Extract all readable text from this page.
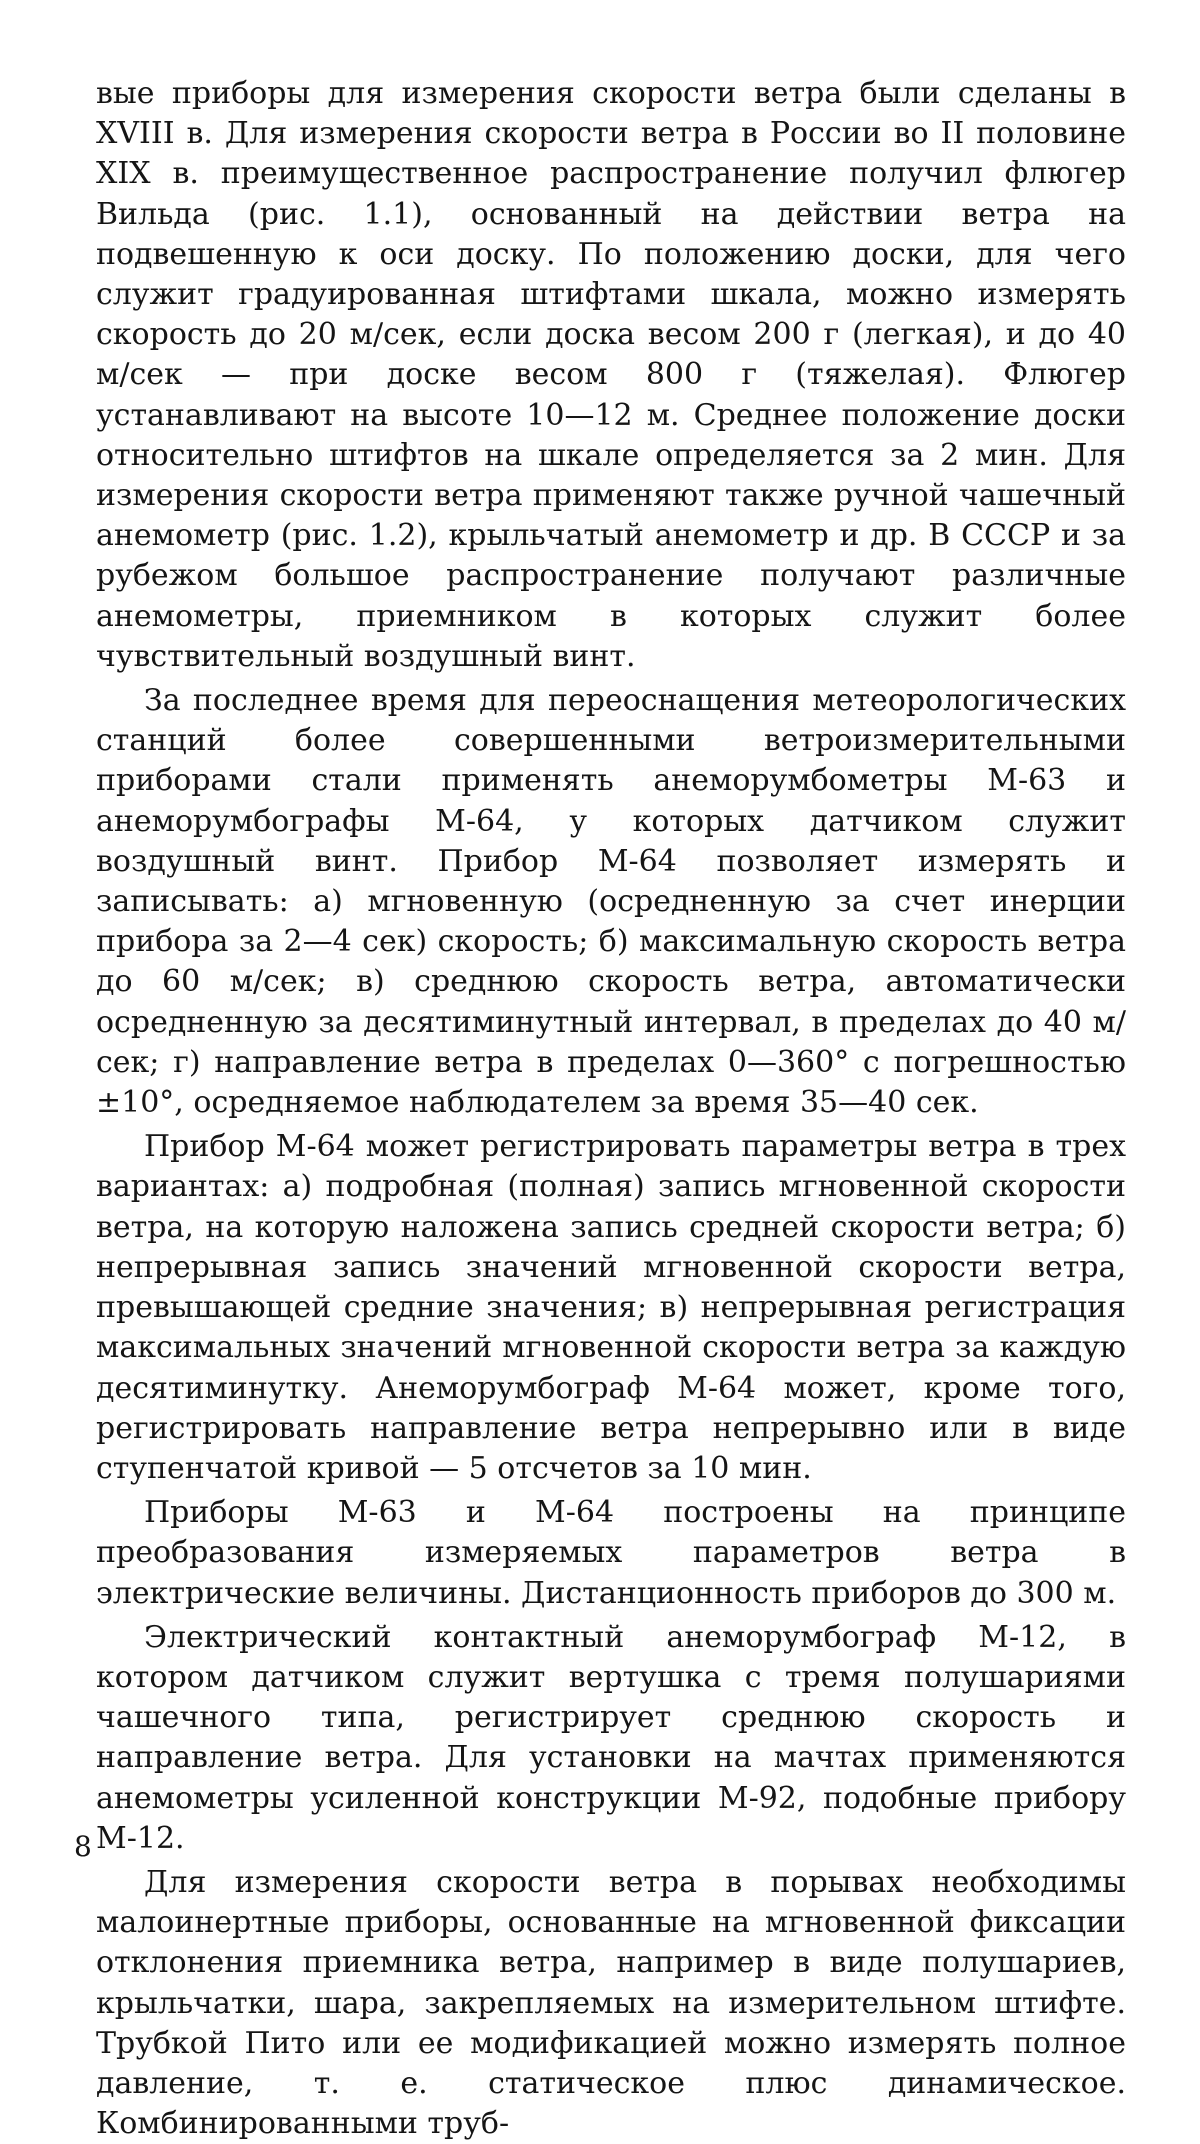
вые приборы для измерения скорости ветра были сделаны в XVIII в. Для измерения скорости ветра в России во II половине XIX в. преимущественное распространение получил флюгер Вильда (рис. 1.1), основанный на действии ветра на подвешенную к оси доску. По положению доски, для чего служит градуированная штифтами шкала, можно измерять скорость до 20 м/сек, если доска весом 200 г (легкая), и до 40 м/сек — при доске весом 800 г (тяжелая). Флюгер устанавливают на высоте 10—12 м. Среднее положение доски относительно штифтов на шкале определяется за 2 мин. Для измерения скорости ветра применяют также ручной чашечный анемометр (рис. 1.2), крыльчатый анемометр и др. В СССР и за рубежом большое распространение получают различные анемометры, приемником в которых служит более чувствительный воздушный винт.

За последнее время для переоснащения метеорологических станций более совершенными ветроизмерительными приборами стали применять анеморумбометры М-63 и анеморумбографы М-64, у которых датчиком служит воздушный винт. Прибор М-64 позволяет измерять и записывать: а) мгновенную (осредненную за счет инерции прибора за 2—4 сек) скорость; б) максимальную скорость ветра до 60 м/сек; в) среднюю скорость ветра, автоматически осредненную за десятиминутный интервал, в пределах до 40 м/сек; г) направление ветра в пределах 0—360° с погрешностью ±10°, осредняемое наблюдателем за время 35—40 сек.

Прибор М-64 может регистрировать параметры ветра в трех вариантах: а) подробная (полная) запись мгновенной скорости ветра, на которую наложена запись средней скорости ветра; б) непрерывная запись значений мгновенной скорости ветра, превышающей средние значения; в) непрерывная регистрация максимальных значений мгновенной скорости ветра за каждую десятиминутку. Анеморумбограф М-64 может, кроме того, регистрировать направление ветра непрерывно или в виде ступенчатой кривой — 5 отсчетов за 10 мин.

Приборы М-63 и М-64 построены на принципе преобразования измеряемых параметров ветра в электрические величины. Дистанционность приборов до 300 м.

Электрический контактный анеморумбограф М-12, в котором датчиком служит вертушка с тремя полушариями чашечного типа, регистрирует среднюю скорость и направление ветра. Для установки на мачтах применяются анемометры усиленной конструкции М-92, подобные прибору М-12.

Для измерения скорости ветра в порывах необходимы малоинертные приборы, основанные на мгновенной фиксации отклонения приемника ветра, например в виде полушариев, крыльчатки, шара, закрепляемых на измерительном штифте. Трубкой Пито или ее модификацией можно измерять полное давление, т. е. статическое плюс динамическое. Комбинированными труб-

8
